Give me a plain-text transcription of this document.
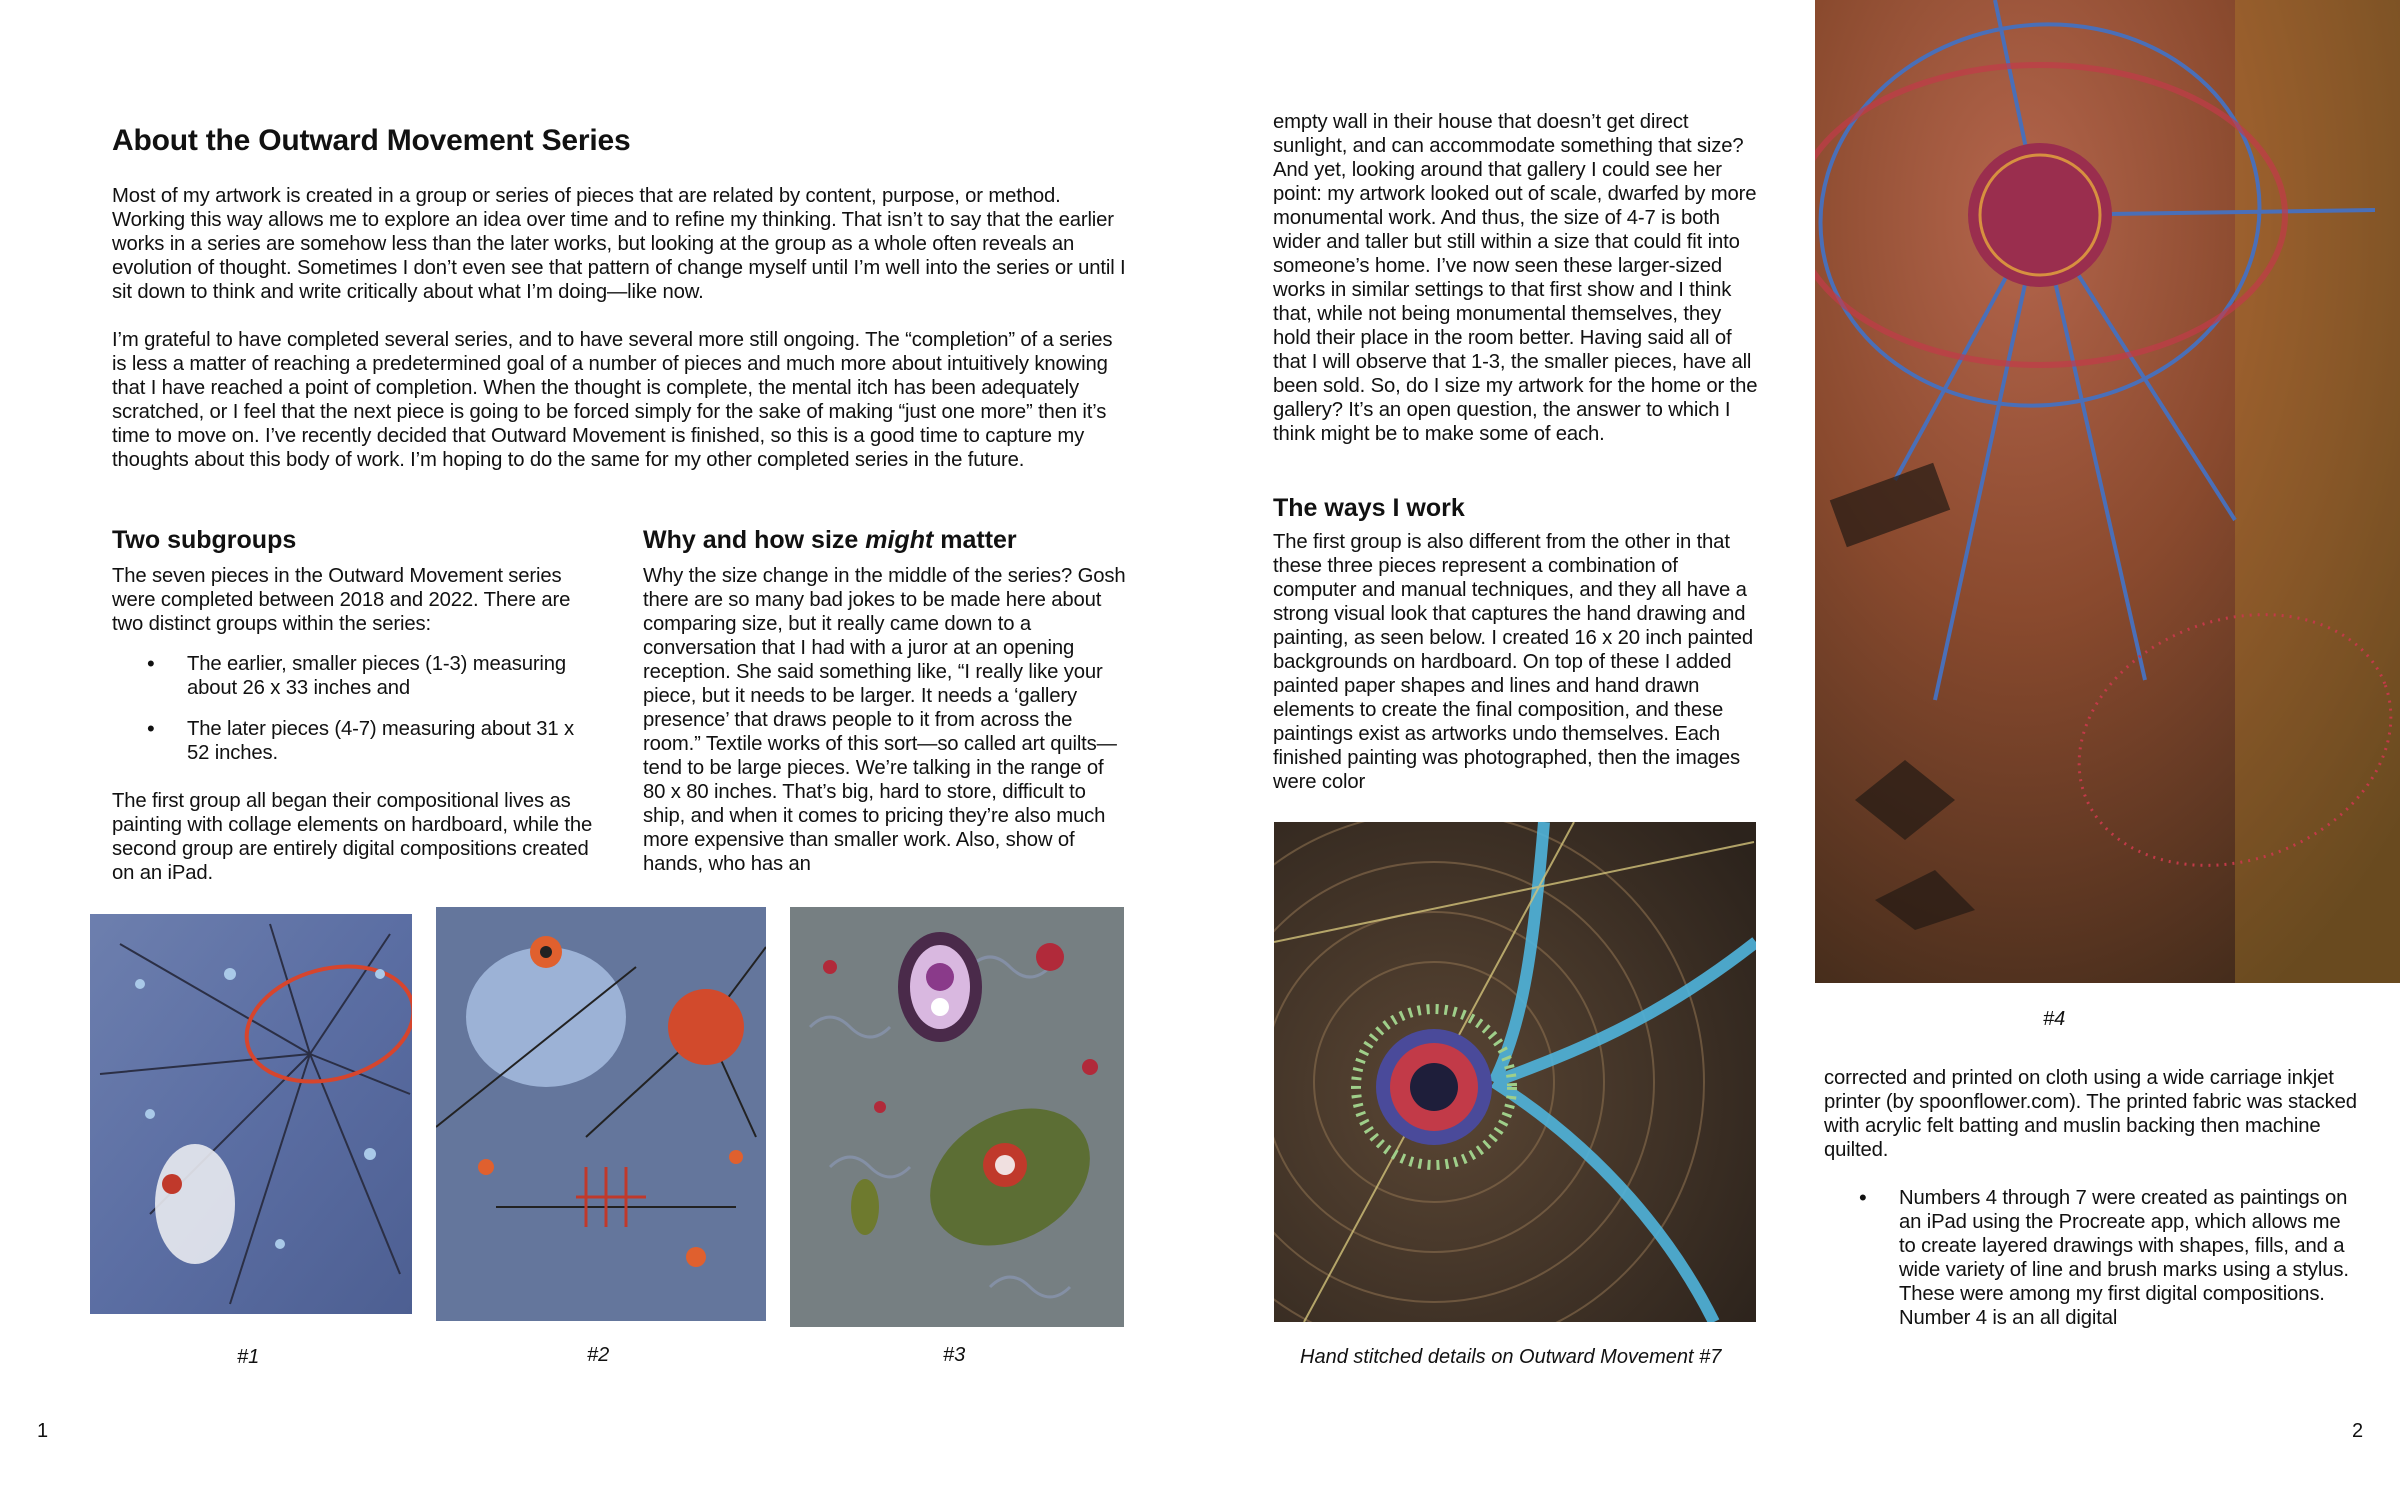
About the Outward Movement Series

Most of my artwork is created in a group or series of pieces that are related by content, purpose, or method. Working this way allows me to explore an idea over time and to refine my thinking. That isn’t to say that the earlier works in a series are somehow less than the later works, but looking at the group as a whole often reveals an evolution of thought. Sometimes I don’t even see that pattern of change myself until I’m well into the series or until I sit down to think and write critically about what I’m doing—like now.

I’m grateful to have completed several series, and to have several more still ongoing. The “completion” of a series is less a matter of reaching a predetermined goal of a number of pieces and much more about intuitively knowing that I have reached a point of completion. When the thought is complete, the mental itch has been adequately scratched, or I feel that the next piece is going to be forced simply for the sake of making “just one more” then it’s time to move on. I’ve recently decided that Outward Movement is finished, so this is a good time to capture my thoughts about this body of work. I’m hoping to do the same for my other completed series in the future.

Two subgroups

The seven pieces in the Outward Movement series were completed between 2018 and 2022. There are two distinct groups within the series:

• The earlier, smaller pieces (1-3) measuring about 26 x 33 inches and
• The later pieces (4-7) measuring about 31 x 52 inches.

The first group all began their compositional lives as painting with collage elements on hardboard, while the second group are entirely digital compositions created on an iPad.

Why and how size might matter
Why the size change in the middle of the series? Gosh there are so many bad jokes to be made here about comparing size, but it really came down to a conversation that I had with a juror at an opening reception. She said something like, “I really like your piece, but it needs to be larger. It needs a ‘gallery presence’ that draws people to it from across the room.” Textile works of this sort—so called art quilts—tend to be large pieces. We’re talking in the range of 80 x 80 inches. That’s big, hard to store, difficult to ship, and when it comes to pricing they’re also much more expensive than smaller work. Also, show of hands, who has an
#1	#2	#3
1
empty wall in their house that doesn’t get direct sunlight, and can accommodate something that size? And yet, looking around that gallery I could see her point: my artwork looked out of scale, dwarfed by more monumental work. And thus, the size of 4-7 is both wider and taller but still within a size that could fit into someone’s home. I’ve now seen these larger-sized works in similar settings to that first show and I think that, while not being monumental themselves, they hold their place in the room better. Having said all of that I will observe that 1-3, the smaller pieces, have all been sold. So, do I size my artwork for the home or the gallery? It’s an open question, the answer to which I think might be to make some of each.
The ways I work
The first group is also different from the other in that these three pieces represent a combination of computer and manual techniques, and they all have a strong visual look that captures the hand drawing and painting, as seen below. I created 16 x 20 inch painted backgrounds on hardboard. On top of these I added painted paper shapes and lines and hand drawn elements to create the final composition, and these paintings exist as artworks undo themselves. Each finished painting was photographed, then the images were color
Hand stitched details on Outward Movement #7
#4

corrected and printed on cloth using a wide carriage inkjet printer (by spoonflower.com). The printed fabric was stacked with acrylic felt batting and muslin backing then machine quilted.

• Numbers 4 through 7 were created as paintings on an iPad using the Procreate app, which allows me to create layered drawings with shapes, fills, and a wide variety of line and brush marks using a stylus. These were among my first digital compositions. Number 4 is an all digital
2
